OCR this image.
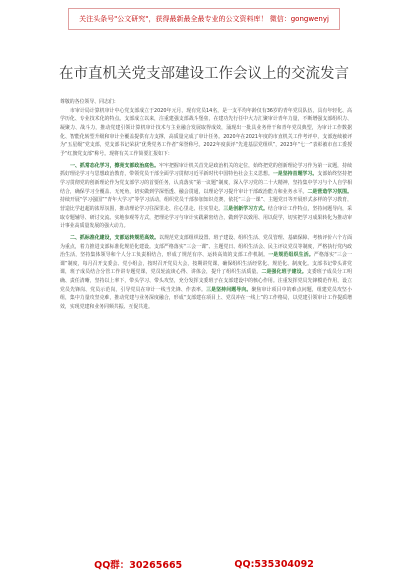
关注头条号"公文研究"，获得最新最全最专业的公文资料库！ 微信：gongwenyj
在市直机关党支部建设工作会议上的交流发言

尊敬的各位领导、同志们：

市审计局计算机审计中心党支部成立于2020年元月，现有党员14名，是一支平均年龄仅有36岁的青年党员队伍，具有年轻化、高学历化、专业技术化的特点。支部成立以来，注重建强支部战斗堡垒，在建功先行任中大力汇聚审计青年力量，不断增强支部组织力、凝聚力、战斗力，推动党建引领计算机审计技术与主业融合发展取得成效，涌现出一批具业务骨干和青年党员典型，为审计工作数据化、智能化转型升级和审计全覆盖提供有力支撑，高质量完成了审计任务。2020年在2021年度的市直机关工作考评中，支部连续被评为“五星级”党支部，党支部书记荣获“优秀党务工作者”荣誉称号。2022年度获评“先进基层党组织”，2023年“七一”表彰被市直工委授予“红旗党支部”称号。现将有关工作简要汇报如下：

一、抓常态化学习，擦亮支部政治底色。牢牢把握审计机关首先是政治机关的定位，始终把党的创新理论学习作为第一议题，持续抓好理论学习与思想政治教育，带领党员干部全面学习贯彻习近平新时代中国特色社会主义思想。一是坚持首题学习。支部始终坚持把学习贯彻党的创新理论作为党支部学习的首要任务，认真落实“第一议题”制度，深入学习党的二十大精神，坚持集中学习与个人自学相结合，确保学习全覆盖、无死角，切实做到学深悟透、融会贯通，以理论学习提升审计干部政治能力和业务水平。二是营造学习氛围。持续开展“学习强国”“青年大学习”等学习活动，组织党员干部参加知识竞赛，依托“三会一课”、主题党日等开展形式多样的学习教育，营造比学赶超的浓厚氛围，推动理论学习往深里走、往心里走、往实里走。三是创新学习方式。结合审计工作特点，坚持问题导向，采取专题辅导、研讨交流、实地参观等方式，把理论学习与审计实践紧密结合，做到学以致用、用以促学，切实把学习成果转化为推动审计事业高质量发展的强大动力。

二、抓标准化建设，支部运转规范高效。以规范党支部组织设置、班子建设、组织生活、党员管理、基础保障、考核评价六个方面为重点，着力推进支部标准化规范化建设。支部严格落实“三会一课”、主题党日、组织生活会、民主评议党员等制度，严格执行党内政治生活，坚持集体领导和个人分工负责相结合，形成了规范有序、运转高效的支部工作机制。一是规范组织生活。严格落实“三会一课”制度，每月召开支委会、党小组会，按时召开党员大会，按期讲党课，确保组织生活经常化、规范化、制度化。支部书记带头讲党课，班子成员结合分管工作讲专题党课，党员轮流谈心得、讲体会，提升了组织生活质量。二是强化班子建设。支委班子成员分工明确、责任清晰，坚持以上率下，带头学习、带头攻坚，充分发挥支委班子在支部建设中的核心作用。注重发挥党员先锋模范作用，设立党员先锋岗、党员示范岗，引导党员在审计一线当先锋、作表率。三是坚持问题导向。聚焦审计项目中的难点问题，组建党员攻坚小组，集中力量攻坚克难，推动党建与业务深度融合，形成“支部建在项目上、党员冲在一线上”的工作格局，以党建引领审计工作提质增效，实现党建和业务同频共振、互促共进。

QQ群：30265665	QQ:535304092
